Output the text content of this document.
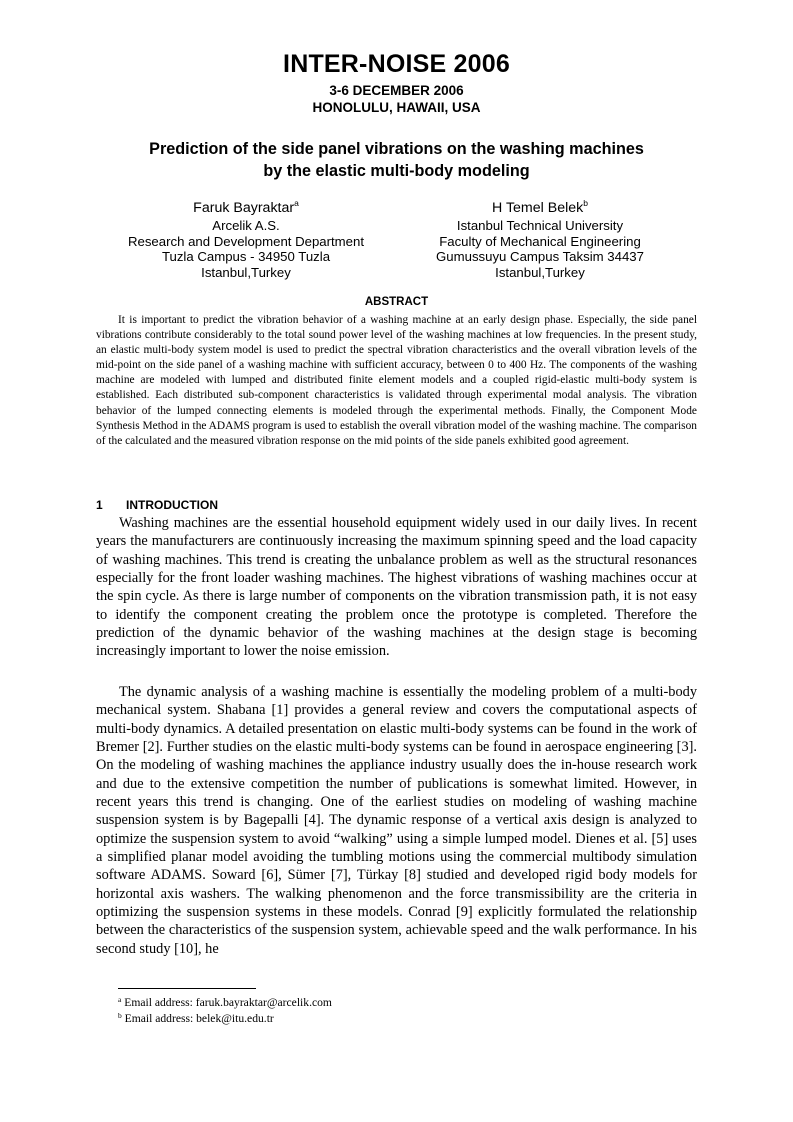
INTER-NOISE 2006
3-6 DECEMBER 2006
HONOLULU, HAWAII, USA
Prediction of the side panel vibrations on the washing machines
by the elastic multi-body modeling
Faruk Bayraktar$^a$
Arcelik A.S.
Research and Development Department
Tuzla Campus - 34950 Tuzla
Istanbul,Turkey
H Temel Belek$^b$
Istanbul Technical University
Faculty of Mechanical Engineering
Gumussuyu Campus Taksim 34437
Istanbul,Turkey
ABSTRACT

It is important to predict the vibration behavior of a washing machine at an early design phase. Especially, the side panel vibrations contribute considerably to the total sound power level of the washing machines at low frequencies. In the present study, an elastic multi-body system model is used to predict the spectral vibration characteristics and the overall vibration levels of the mid-point on the side panel of a washing machine with sufficient accuracy, between 0 to 400 Hz. The components of the washing machine are modeled with lumped and distributed finite element models and a coupled rigid-elastic multi-body system is established. Each distributed sub-component characteristics is validated through experimental modal analysis. The vibration behavior of the lumped connecting elements is modeled through the experimental methods. Finally, the Component Mode Synthesis Method in the ADAMS program is used to establish the overall vibration model of the washing machine. The comparison of the calculated and the measured vibration response on the mid points of the side panels exhibited good agreement.

1 INTRODUCTION

Washing machines are the essential household equipment widely used in our daily lives. In recent years the manufacturers are continuously increasing the maximum spinning speed and the load capacity of washing machines. This trend is creating the unbalance problem as well as the structural resonances especially for the front loader washing machines. The highest vibrations of washing machines occur at the spin cycle. As there is large number of components on the vibration transmission path, it is not easy to identify the component creating the problem once the prototype is completed. Therefore the prediction of the dynamic behavior of the washing machines at the design stage is becoming increasingly important to lower the noise emission.

The dynamic analysis of a washing machine is essentially the modeling problem of a multi-body mechanical system. Shabana [1] provides a general review and covers the computational aspects of multi-body dynamics. A detailed presentation on elastic multi-body systems can be found in the work of Bremer [2]. Further studies on the elastic multi-body systems can be found in aerospace engineering [3]. On the modeling of washing machines the appliance industry usually does the in-house research work and due to the extensive competition the number of publications is somewhat limited. However, in recent years this trend is changing. One of the earliest studies on modeling of washing machine suspension system is by Bagepalli [4]. The dynamic response of a vertical axis design is analyzed to optimize the suspension system to avoid “walking” using a simple lumped model. Dienes et al. [5] uses a simplified planar model avoiding the tumbling motions using the commercial multibody simulation software ADAMS. Soward [6], Sümer [7], Türkay [8] studied and developed rigid body models for horizontal axis washers. The walking phenomenon and the force transmissibility are the criteria in optimizing the suspension systems in these models. Conrad [9] explicitly formulated the relationship between the characteristics of the suspension system, achievable speed and the walk performance. In his second study [10], he

$^a$ Email address: faruk.bayraktar@arcelik.com
$^b$ Email address: belek@itu.edu.tr
